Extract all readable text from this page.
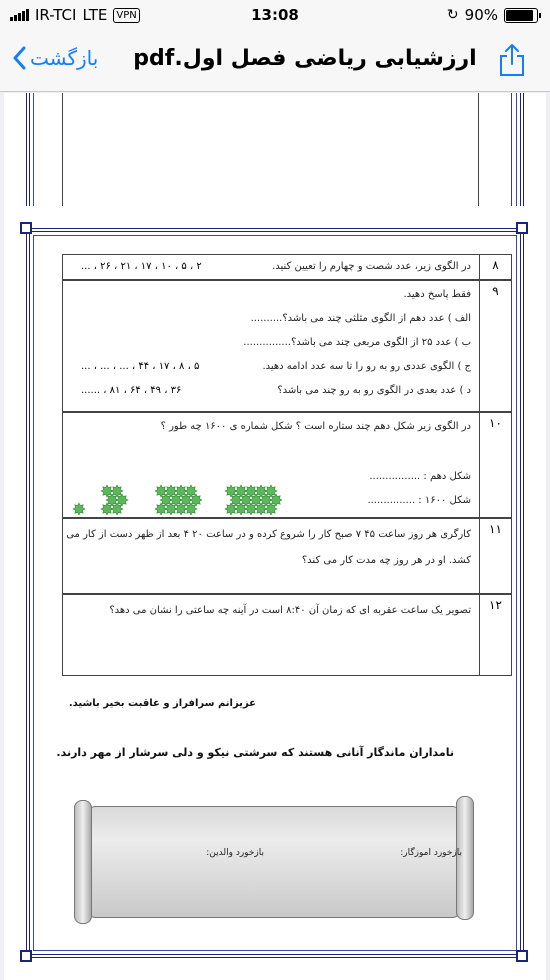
IR-TCI LTE VPN	13:08	↻ 90%
بازگشت	ارزشیابی ریاضی فصل اول.pdf
۸
در الگوی زیر، عدد شصت و چهارم را تعیین کنید.
... ، ۲۶ ، ۲۱ ، ۱۷ ، ۱۰ ، ۵ ، ۲
۹
فقط پاسخ دهید.
الف ) عدد دهم از الگوی مثلثی چند می باشد؟..........
ب ) عدد ۲۵ از الگوی مربعی چند می باشد؟...............
ج ) الگوی عددی رو به رو را تا سه عدد ادامه دهید.
... ، ... ، ... ، ۴۴ ، ۱۷ ، ۸ ، ۵
د ) عدد بعدی در الگوی رو به رو چند می باشد؟
...... ، ۸۱ ، ۶۴ ، ۴۹ ، ۳۶
۱۰
در الگوی زیر شکل دهم چند ستاره است ؟ شکل شماره ی ۱۶۰۰ چه طور ؟
شکل دهم : ................
شکل ۱۶۰۰ : ...............
۱۱
کارگری هر روز ساعت ۴۵ ۷ صبح کار را شروع کرده و در ساعت ۲۰ ۴ بعد از ظهر دست از کار می
کشد. او در هر روز چه مدت کار می کند؟
۱۲
تصویر یک ساعت عقربه ای که زمان آن ۸:۴۰ است در آینه چه ساعتی را نشان می دهد؟
عزیزانم سرافراز و عاقبت بخیر باشید.
نامداران ماندگار آنانی هستند که سرشتی نیکو و دلی سرشار از مهر دارند.
بازخورد اموزگار:
بازخورد والدین:
